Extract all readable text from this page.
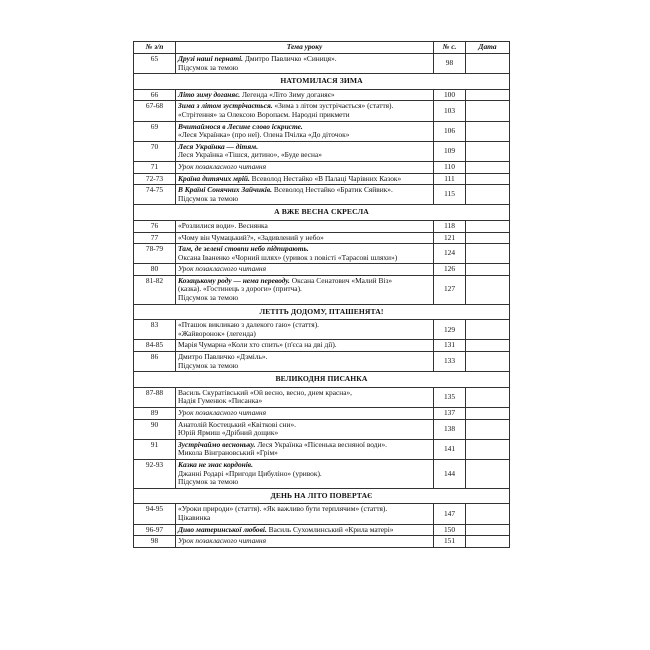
№ з/п	Тема уроку	№ с.	Дата
65	Друзі наші пернаті. Дмитро Павличко «Синиця».
Підсумок за темою	98	
НАТОМИЛАСЯ ЗИМА			
66	Літо зиму доганяє. Легенда «Літо Зиму доганяє»	100	
67-68	Зима з літом зустрічається. «Зима з літом зустрічається» (стаття).
«Стрітення» за Олексою Воропаєм. Народні прикмети	103	
69	Вчитаймося в Лесине слово іскристе.
«Леся Українка» (про неї). Олена Пчілка «До діточок»	106	
70	Леся Українка — дітям.
Леся Українка «Тішся, дитино», «Буде весна»	109	
71	Урок позакласного читання	110	
72-73	Країна дитячих мрій. Всеволод Нестайко «В Палаці Чарівних Казок»	111	
74-75	В Країні Сонячних Зайчиків. Всеволод Нестайко «Братик Сяйвик».
Підсумок за темою	115	
А ВЖЕ ВЕСНА СКРЕСЛА			
76	«Розлилися води». Веснянка	118	
77	«Чому він Чумацький?», «Задивлений у небо»	121	
78-79	Там, де зелені стовпи небо підпирають.
Оксана Іваненко «Чорний шлях» (уривок з повісті «Тарасові шляхи»)	124	
80	Урок позакласного читання	126	
81-82	Козацькому роду — нема переводу. Оксана Сенатович «Малий Віз»
(казка). «Гостинець з дороги» (притча).
Підсумок за темою	127	
ЛЕТІТЬ ДОДОМУ, ПТАШЕНЯТА!			
83	«Пташок викликаю з далекого гаю» (стаття).
«Жайворонок» (легенда)	129	
84-85	Марія Чумарна «Коли хто спить» (п'єса на дві дії).	131	
86	Дмитро Павличко «Дзміль».
Підсумок за темою	133	
ВЕЛИКОДНЯ ПИСАНКА			
87-88	Василь Скуратівський «Ой весно, весно, днем красна»,
Надія Гуменюк «Писанка»	135	
89	Урок позакласного читання	137	
90	Анатолій Костецький «Квіткові сни».
Юрій Ярмиш «Дрібний дощик»	138	
91	Зустрічаймо весноньку. Леся Українка «Пісенька весняної води».
Микола Вінграновський «Грім»	141	
92-93	Казка не знає кордонів.
Джанні Родарі «Пригоди Цибуліно» (уривок).
Підсумок за темою	144	
ДЕНЬ НА ЛІТО ПОВЕРТАЄ			
94-95	«Уроки природи» (стаття). «Як важливо бути терплячим» (стаття).
Цікавинка	147	
96-97	Диво материнської любові. Василь Сухомлинський «Крила матері»	150	
98	Урок позакласного читання	151	
